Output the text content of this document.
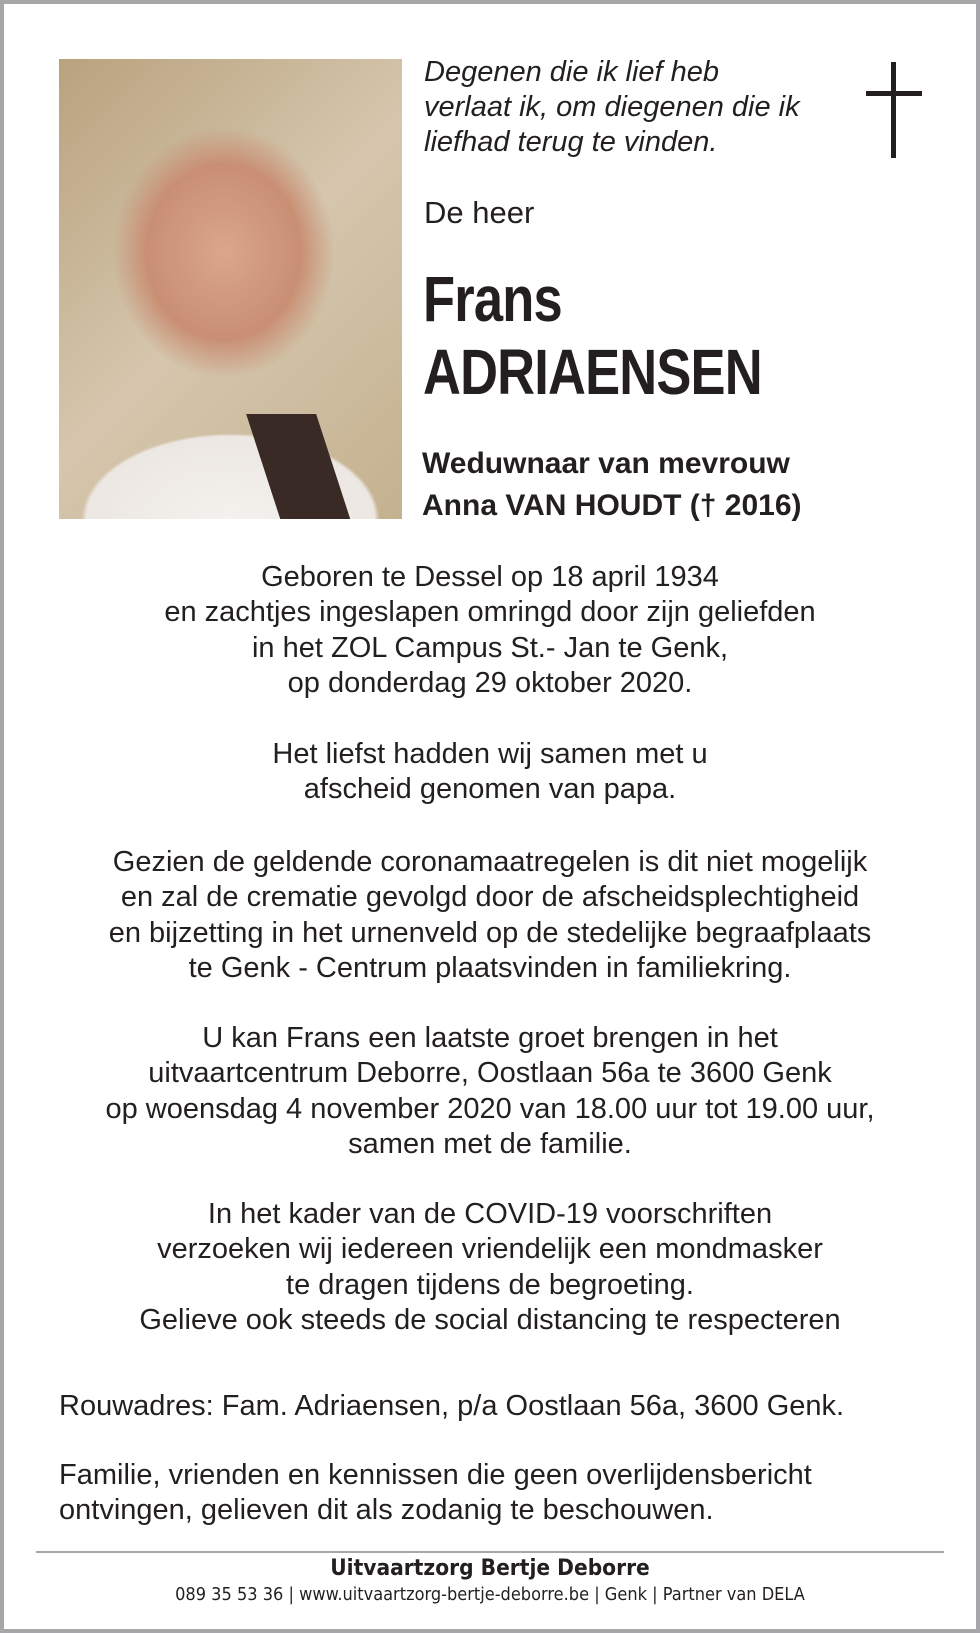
Degenen die ik lief heb
verlaat ik, om diegenen die ik
liefhad terug te vinden.
De heer
Frans
ADRIAENSEN
Weduwnaar van mevrouw
Anna VAN HOUDT († 2016)
Geboren te Dessel op 18 april 1934
en zachtjes ingeslapen omringd door zijn geliefden
in het ZOL Campus St.- Jan te Genk,
op donderdag 29 oktober 2020.
Het liefst hadden wij samen met u
afscheid genomen van papa.
Gezien de geldende coronamaatregelen is dit niet mogelijk
en zal de crematie gevolgd door de afscheidsplechtigheid
en bijzetting in het urnenveld op de stedelijke begraafplaats
te Genk - Centrum plaatsvinden in familiekring.
U kan Frans een laatste groet brengen in het
uitvaartcentrum Deborre, Oostlaan 56a te 3600 Genk
op woensdag 4 november 2020 van 18.00 uur tot 19.00 uur,
samen met de familie.
In het kader van de COVID-19 voorschriften
verzoeken wij iedereen vriendelijk een mondmasker
te dragen tijdens de begroeting.
Gelieve ook steeds de social distancing te respecteren
Rouwadres: Fam. Adriaensen, p/a Oostlaan 56a, 3600 Genk.
Familie, vrienden en kennissen die geen overlijdensbericht
ontvingen, gelieven dit als zodanig te beschouwen.
Uitvaartzorg Bertje Deborre
089 35 53 36 | www.uitvaartzorg-bertje-deborre.be | Genk | Partner van DELA
